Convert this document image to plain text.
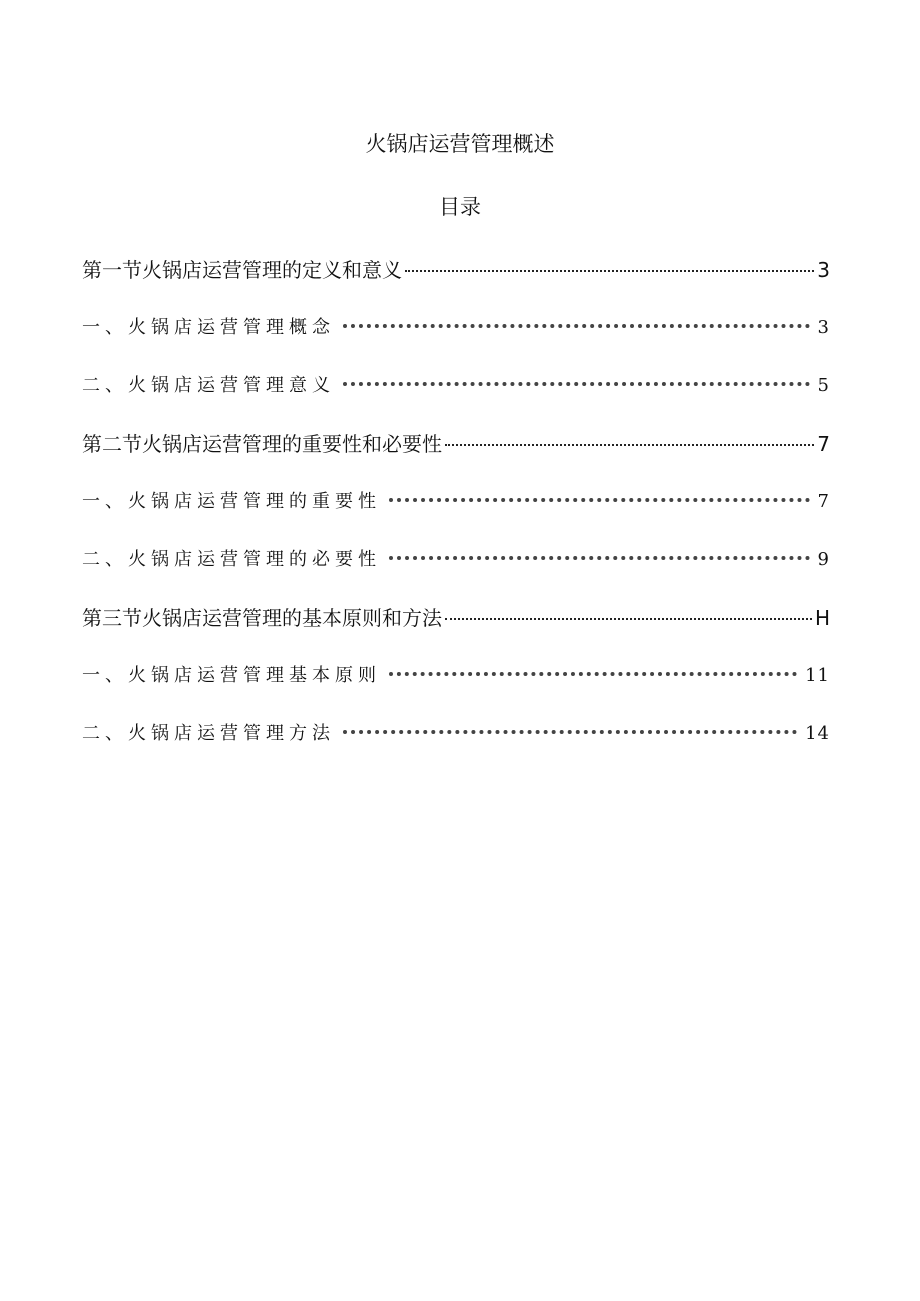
火锅店运营管理概述
目录
第一节火锅店运营管理的定义和意义	3
一、火锅店运营管理概念	3
二、火锅店运营管理意义	5
第二节火锅店运营管理的重要性和必要性	7
一、火锅店运营管理的重要性	7
二、火锅店运营管理的必要性	9
第三节火锅店运营管理的基本原则和方法	H
一、火锅店运营管理基本原则	11
二、火锅店运营管理方法	14
